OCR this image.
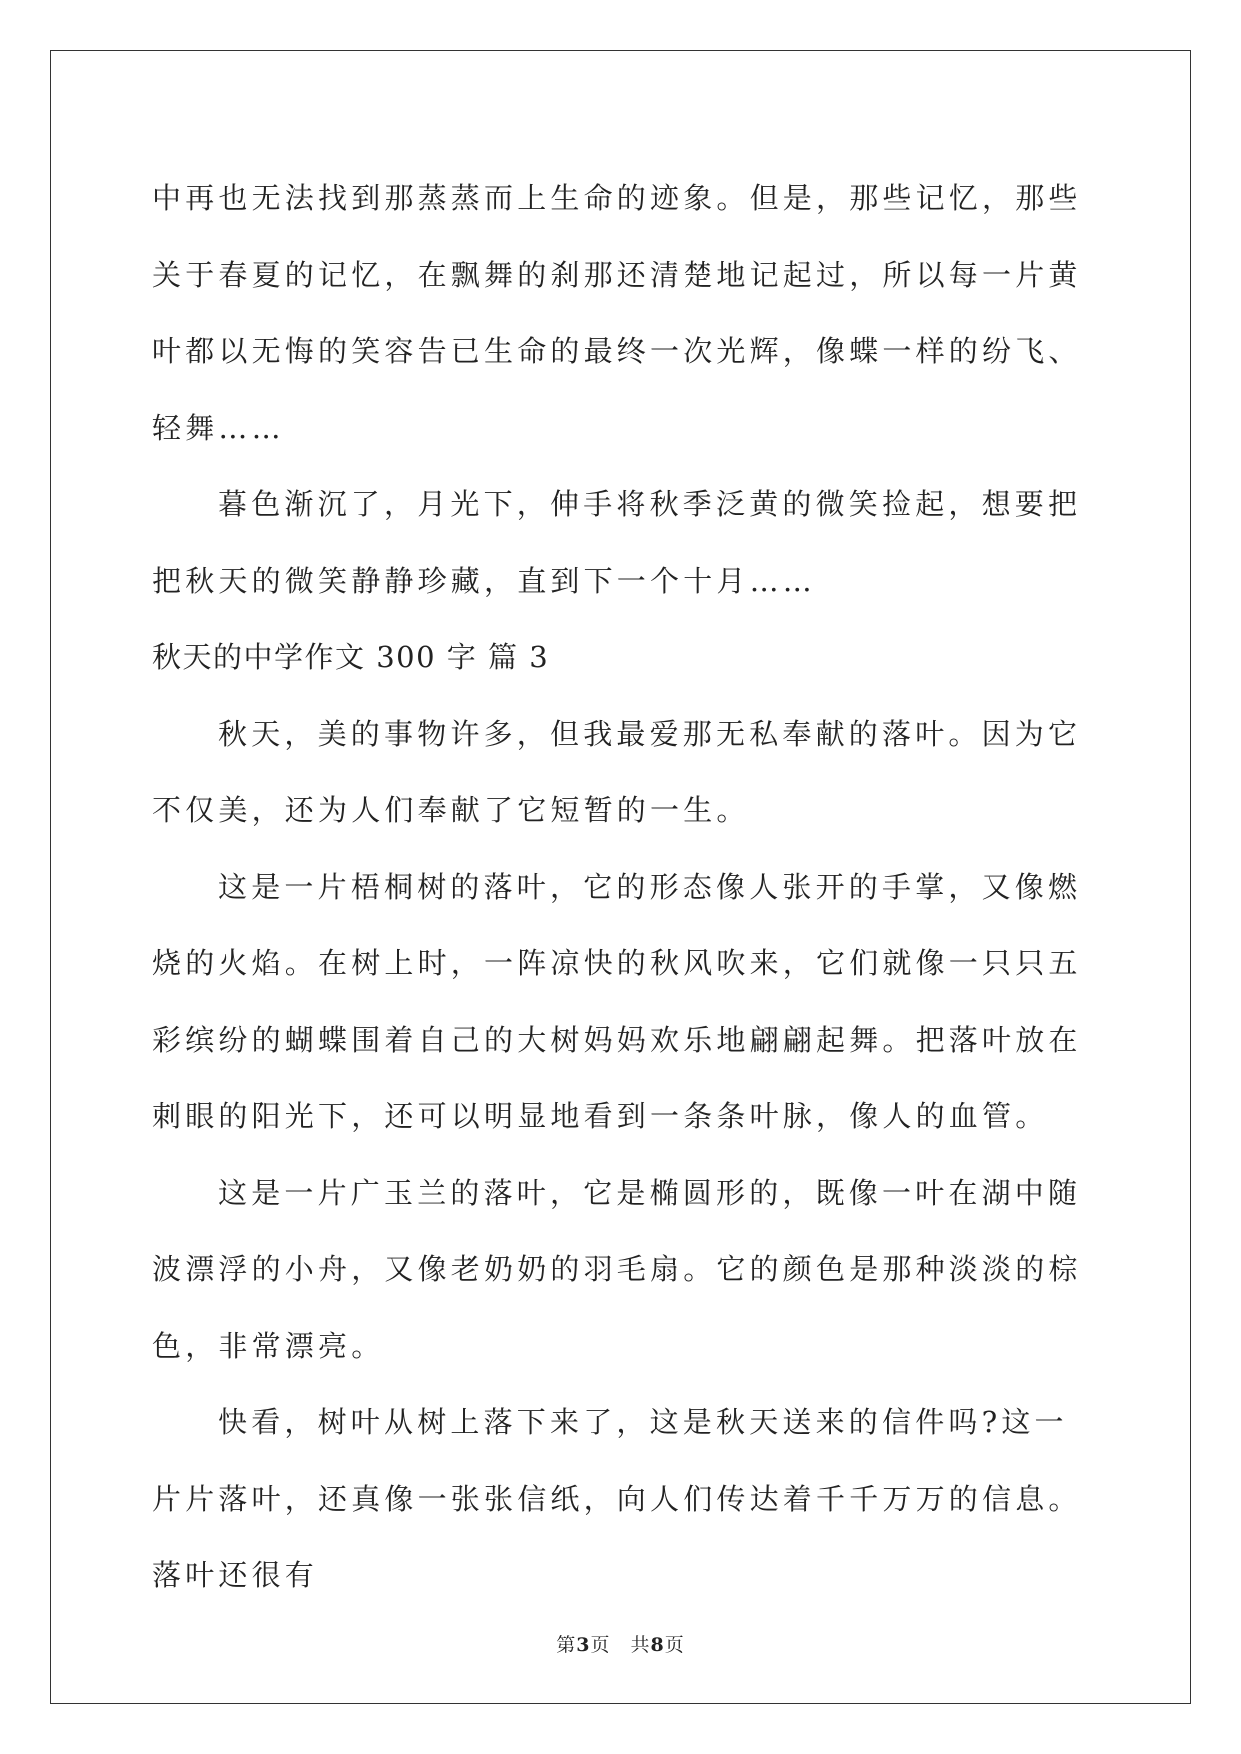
中再也无法找到那蒸蒸而上生命的迹象。但是，那些记忆，那些关于春夏的记忆，在飘舞的刹那还清楚地记起过，所以每一片黄叶都以无悔的笑容告已生命的最终一次光辉，像蝶一样的纷飞、轻舞……

暮色渐沉了，月光下，伸手将秋季泛黄的微笑捡起，想要把把秋天的微笑静静珍藏，直到下一个十月……

秋天的中学作文 300 字 篇 3

秋天，美的事物许多，但我最爱那无私奉献的落叶。因为它不仅美，还为人们奉献了它短暂的一生。

这是一片梧桐树的落叶，它的形态像人张开的手掌，又像燃烧的火焰。在树上时，一阵凉快的秋风吹来，它们就像一只只五彩缤纷的蝴蝶围着自己的大树妈妈欢乐地翩翩起舞。把落叶放在刺眼的阳光下，还可以明显地看到一条条叶脉，像人的血管。

这是一片广玉兰的落叶，它是椭圆形的，既像一叶在湖中随波漂浮的小舟，又像老奶奶的羽毛扇。它的颜色是那种淡淡的棕色，非常漂亮。

快看，树叶从树上落下来了，这是秋天送来的信件吗?这一片片落叶，还真像一张张信纸，向人们传达着千千万万的信息。落叶还很有

第3页 共8页
